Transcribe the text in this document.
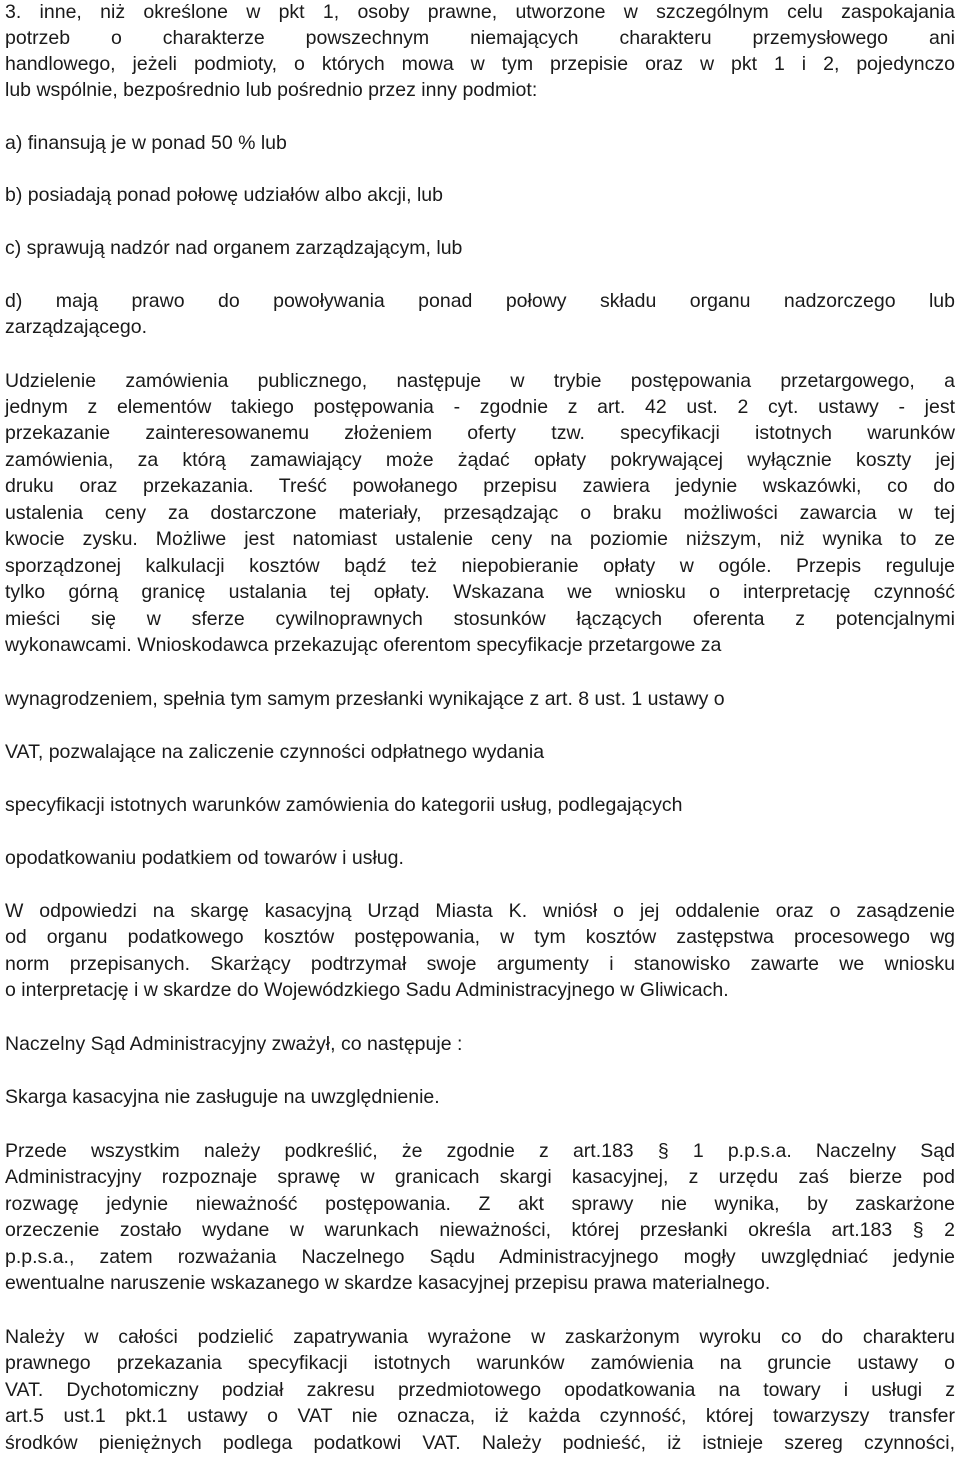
3. inne, niż określone w pkt 1, osoby prawne, utworzone w szczególnym celu zaspokajania
potrzeb o charakterze powszechnym niemających charakteru przemysłowego ani
handlowego, jeżeli podmioty, o których mowa w tym przepisie oraz w pkt 1 i 2, pojedynczo
lub wspólnie, bezpośrednio lub pośrednio przez inny podmiot:
a) finansują je w ponad 50 % lub
b) posiadają ponad połowę udziałów albo akcji, lub
c) sprawują nadzór nad organem zarządzającym, lub
d) mają prawo do powoływania ponad połowy składu organu nadzorczego lub
zarządzającego.
Udzielenie zamówienia publicznego, następuje w trybie postępowania przetargowego, a
jednym z elementów takiego postępowania - zgodnie z art. 42 ust. 2 cyt. ustawy - jest
przekazanie zainteresowanemu złożeniem oferty tzw. specyfikacji istotnych warunków
zamówienia, za którą zamawiający może żądać opłaty pokrywającej wyłącznie koszty jej
druku oraz przekazania. Treść powołanego przepisu zawiera jedynie wskazówki, co do
ustalenia ceny za dostarczone materiały, przesądzając o braku możliwości zawarcia w tej
kwocie zysku. Możliwe jest natomiast ustalenie ceny na poziomie niższym, niż wynika to ze
sporządzonej kalkulacji kosztów bądź też niepobieranie opłaty w ogóle. Przepis reguluje
tylko górną granicę ustalania tej opłaty. Wskazana we wniosku o interpretację czynność
mieści się w sferze cywilnoprawnych stosunków łączących oferenta z potencjalnymi
wykonawcami. Wnioskodawca przekazując oferentom specyfikacje przetargowe za
wynagrodzeniem, spełnia tym samym przesłanki wynikające z art. 8 ust. 1 ustawy o
VAT, pozwalające na zaliczenie czynności odpłatnego wydania
specyfikacji istotnych warunków zamówienia do kategorii usług, podlegających
opodatkowaniu podatkiem od towarów i usług.
W odpowiedzi na skargę kasacyjną Urząd Miasta K. wniósł o jej oddalenie oraz o zasądzenie
od organu podatkowego kosztów postępowania, w tym kosztów zastępstwa procesowego wg
norm przepisanych. Skarżący podtrzymał swoje argumenty i stanowisko zawarte we wniosku
o interpretację i w skardze do Wojewódzkiego Sadu Administracyjnego w Gliwicach.
Naczelny Sąd Administracyjny zważył, co następuje :
Skarga kasacyjna nie zasługuje na uwzględnienie.
Przede wszystkim należy podkreślić, że zgodnie z art.183 § 1 p.p.s.a. Naczelny Sąd
Administracyjny rozpoznaje sprawę w granicach skargi kasacyjnej, z urzędu zaś bierze pod
rozwagę jedynie nieważność postępowania. Z akt sprawy nie wynika, by zaskarżone
orzeczenie zostało wydane w warunkach nieważności, której przesłanki określa art.183 § 2
p.p.s.a., zatem rozważania Naczelnego Sądu Administracyjnego mogły uwzględniać jedynie
ewentualne naruszenie wskazanego w skardze kasacyjnej przepisu prawa materialnego.
Należy w całości podzielić zapatrywania wyrażone w zaskarżonym wyroku co do charakteru
prawnego przekazania specyfikacji istotnych warunków zamówienia na gruncie ustawy o
VAT. Dychotomiczny podział zakresu przedmiotowego opodatkowania na towary i usługi z
art.5 ust.1 pkt.1 ustawy o VAT nie oznacza, iż każda czynność, której towarzyszy transfer
środków pieniężnych podlega podatkowi VAT. Należy podnieść, iż istnieje szereg czynności,
